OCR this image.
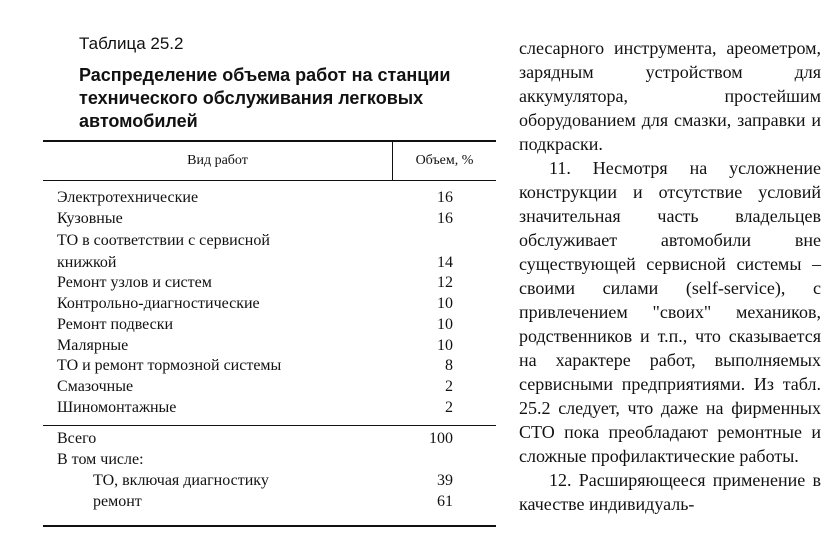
Таблица 25.2
Распределение объема работ на станции технического обслуживания легковых автомобилей
Вид работ	Объем, %
Электротехнические	16
Кузовные	16
ТО в соответствии с сервисной
книжкой	14
Ремонт узлов и систем	12
Контрольно-диагностические	10
Ремонт подвески	10
Малярные	10
ТО и ремонт тормозной системы	8
Смазочные	2
Шиномонтажные	2
Всего	100
В том числе:
ТО, включая диагностику	39
ремонт	61

слесарного инструмента, ареометром, зарядным устройством для аккумулятора, простейшим оборудованием для смазки, заправки и подкраски.

11. Несмотря на усложнение конструкции и отсутствие условий значительная часть владельцев обслуживает автомобили вне существующей сервисной системы – своими силами (self-service), с привлечением "своих" механиков, родственников и т.п., что сказывается на характере работ, выполняемых сервисными предприятиями. Из табл. 25.2 следует, что даже на фирменных СТО пока преобладают ремонтные и сложные профилактические работы.

12. Расширяющееся применение в качестве индивидуаль-
